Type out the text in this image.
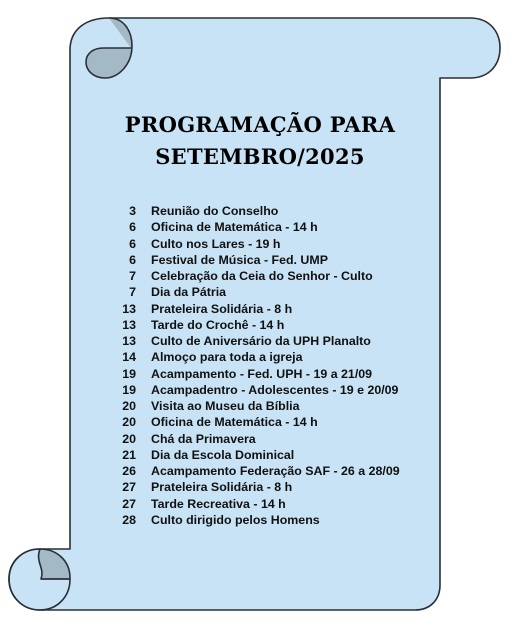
PROGRAMAÇÃO PARA
SETEMBRO/2025
3 Reunião do Conselho
6 Oficina de Matemática - 14 h
6 Culto nos Lares - 19 h
6 Festival de Música - Fed. UMP
7 Celebração da Ceia do Senhor - Culto
7 Dia da Pátria
13 Prateleira Solidária - 8 h
13 Tarde do Crochê - 14 h
13 Culto de Aniversário da UPH Planalto
14 Almoço para toda a igreja
19 Acampamento - Fed. UPH - 19 a 21/09
19 Acampadentro - Adolescentes - 19 e 20/09
20 Visita ao Museu da Bíblia
20 Oficina de Matemática - 14 h
20 Chá da Primavera
21 Dia da Escola Dominical
26 Acampamento Federação SAF - 26 a 28/09
27 Prateleira Solidária - 8 h
27 Tarde Recreativa - 14 h
28 Culto dirigido pelos Homens
